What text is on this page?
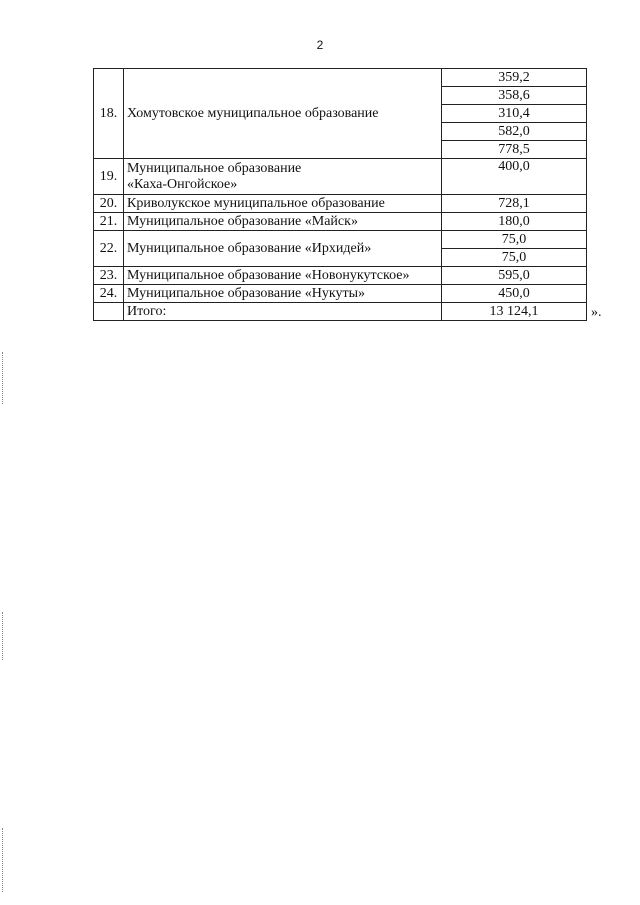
2
18.	Хомутовское муниципальное образование	359,2
		358,6
		310,4
		582,0
		778,5
19.	Муниципальное образование
«Каха-Онгойское»	400,0
20.	Криволукское муниципальное образование	728,1
21.	Муниципальное образование «Майск»	180,0
22.	Муниципальное образование «Ирхидей»	75,0
		75,0
23.	Муниципальное образование «Новонукутское»	595,0
24.	Муниципальное образование «Нукуты»	450,0
	Итого:	13 124,1	».
